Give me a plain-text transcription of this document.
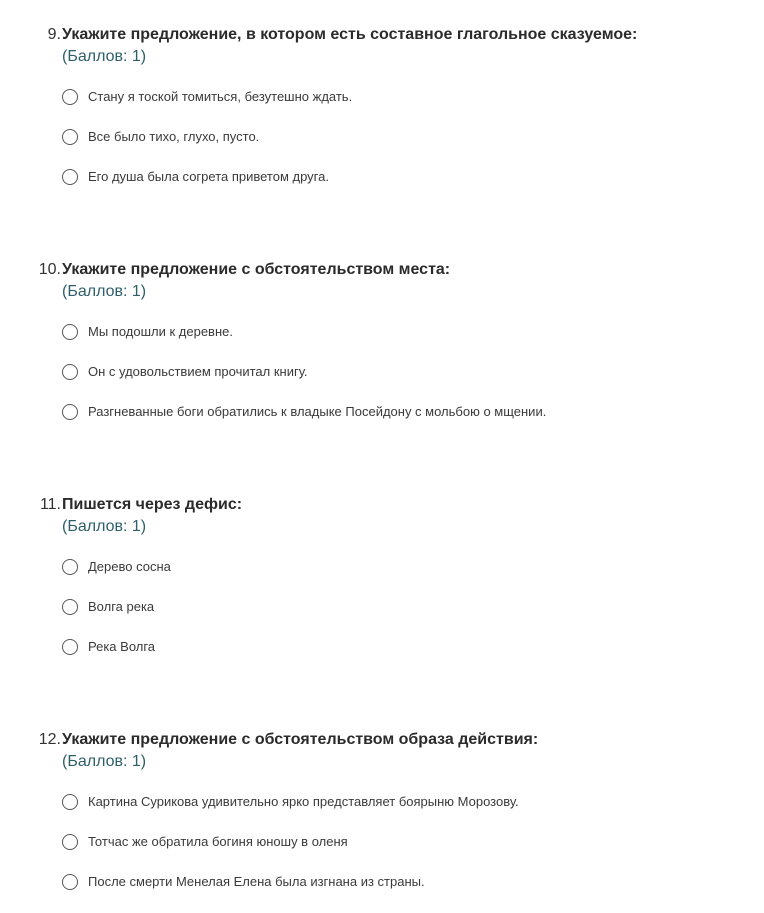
9. Укажите предложение, в котором есть составное глагольное сказуемое:
(Баллов: 1)
Стану я тоской томиться, безутешно ждать.
Все было тихо, глухо, пусто.
Его душа была согрета приветом друга.
10. Укажите предложение с обстоятельством места:
(Баллов: 1)
Мы подошли к деревне.
Он с удовольствием прочитал книгу.
Разгневанные боги обратились к владыке Посейдону с мольбою о мщении.
11. Пишется через дефис:
(Баллов: 1)
Дерево сосна
Волга река
Река Волга
12. Укажите предложение с обстоятельством образа действия:
(Баллов: 1)
Картина Сурикова удивительно ярко представляет боярыню Морозову.
Тотчас же обратила богиня юношу в оленя
После смерти Менелая Елена была изгнана из страны.
